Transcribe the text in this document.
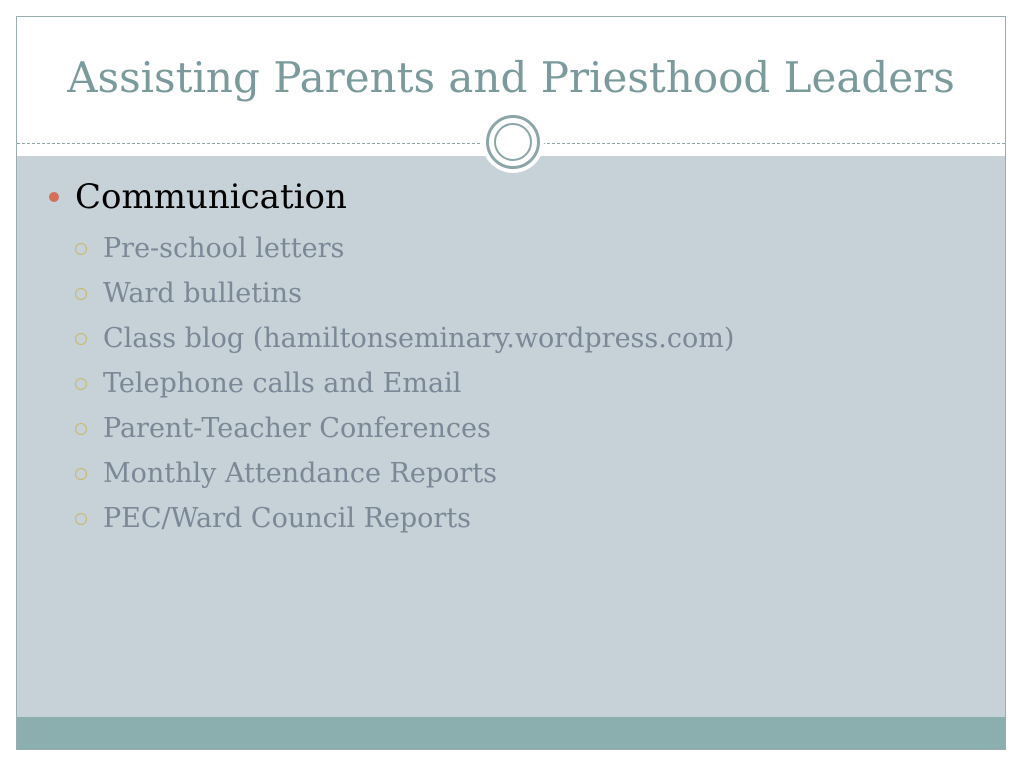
Assisting Parents and Priesthood Leaders
Communication
Pre-school letters
Ward bulletins
Class blog (hamiltonseminary.wordpress.com)
Telephone calls and Email
Parent-Teacher Conferences
Monthly Attendance Reports
PEC/Ward Council Reports
